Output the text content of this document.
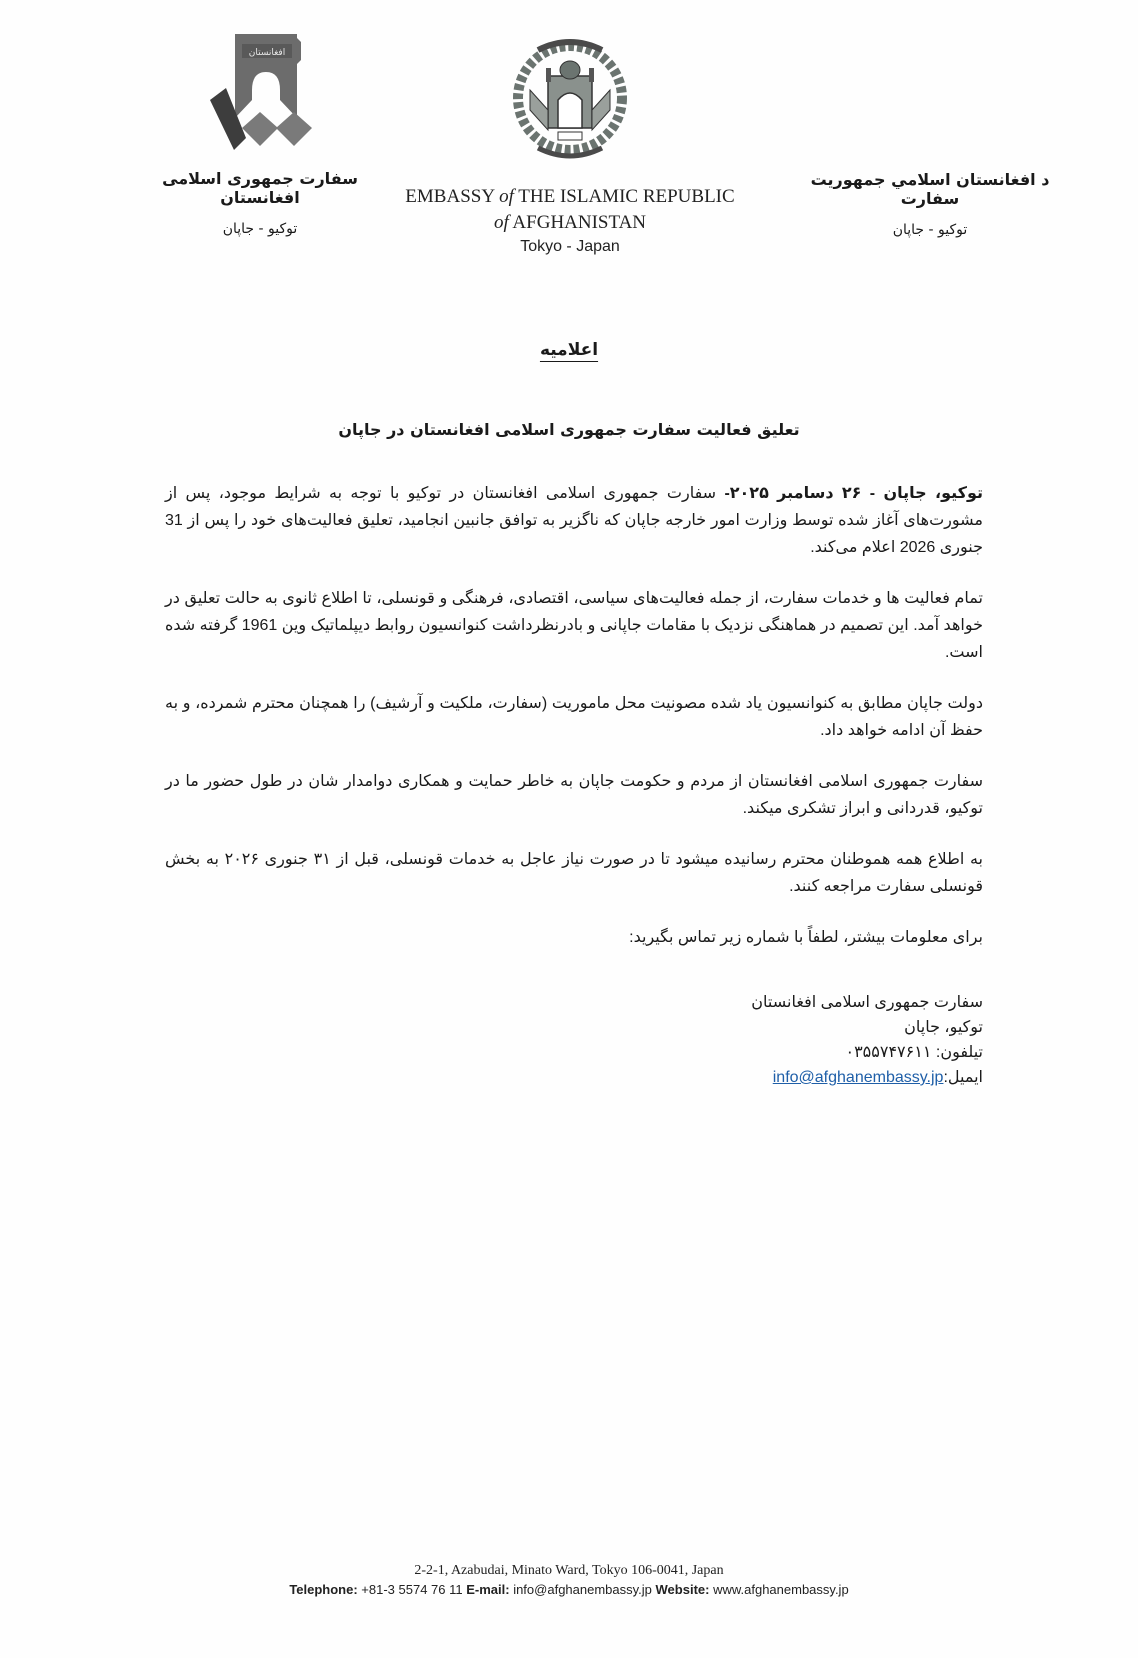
افغانستان
سفارت جمهوری اسلامی افغانستان
توکیو - جاپان
EMBASSY of THE ISLAMIC REPUBLIC
of AFGHANISTAN
Tokyo - Japan
د افغانستان اسلامي جمهوريت سفارت
توکیو - جاپان
اعلامیه
تعلیق فعالیت سفارت جمهوری اسلامی افغانستان در جاپان

توکیو، جاپان - ۲۶ دسامبر ۲۰۲۵- سفارت جمهوری اسلامی افغانستان در توکیو با توجه به شرایط موجود، پس از مشورت‌های آغاز شده توسط وزارت امور خارجه جاپان که ناگزیر به توافق جانبین انجامید، تعلیق فعالیت‌های خود را پس از 31 جنوری 2026 اعلام می‌کند.

تمام فعالیت ها و خدمات سفارت، از جمله فعالیت‌های سیاسی، اقتصادی، فرهنگی و قونسلی، تا اطلاع ثانوی به حالت تعلیق در خواهد آمد. این تصمیم در هماهنگی نزدیک با مقامات جاپانی و بادرنظرداشت کنوانسیون روابط دیپلماتیک وین 1961 گرفته شده است.

دولت جاپان مطابق به کنوانسیون یاد شده مصونیت محل ماموریت (سفارت، ملکیت و آرشیف) را همچنان محترم شمرده، و به حفظ آن ادامه خواهد داد.

سفارت جمهوری اسلامی افغانستان از مردم و حکومت جاپان به خاطر حمایت و همکاری دوامدار شان در طول حضور ما در توکیو، قدردانی و ابراز تشکری میکند.

به اطلاع همه هموطنان محترم رسانیده میشود تا در صورت نیاز عاجل به خدمات قونسلی، قبل از ۳۱ جنوری ۲۰۲۶ به بخش قونسلی سفارت مراجعه کنند.

برای معلومات بیشتر، لطفاً با شماره زیر تماس بگیرید:

سفارت جمهوری اسلامی افغانستان
توکیو، جاپان
تیلفون: ۰۳۵۵۷۴۷۶۱۱
ایمیل:info@afghanembassy.jp
2-2-1, Azabudai, Minato Ward, Tokyo 106-0041, Japan
Telephone: +81-3 5574 76 11 E-mail: info@afghanembassy.jp Website: www.afghanembassy.jp
